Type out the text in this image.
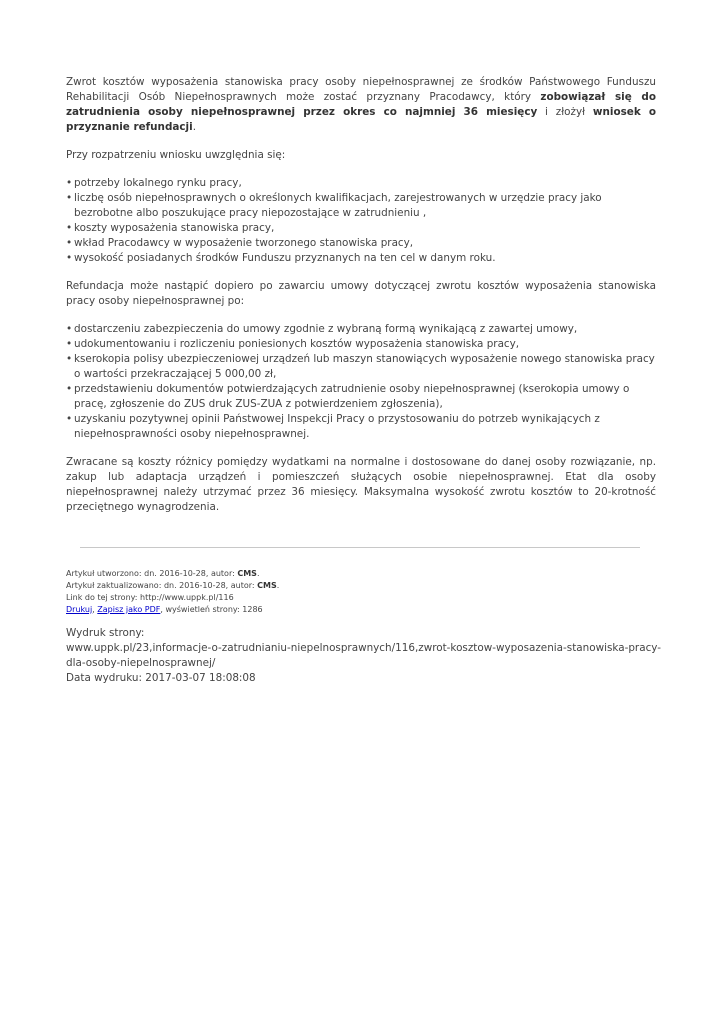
Zwrot kosztów wyposażenia stanowiska pracy osoby niepełnosprawnej ze środków Państwowego Funduszu Rehabilitacji Osób Niepełnosprawnych może zostać przyznany Pracodawcy, który zobowiązał się do zatrudnienia osoby niepełnosprawnej przez okres co najmniej 36 miesięcy i złożył wniosek o przyznanie refundacji.

Przy rozpatrzeniu wniosku uwzględnia się:

• potrzeby lokalnego rynku pracy,
• liczbę osób niepełnosprawnych o określonych kwalifikacjach, zarejestrowanych w urzędzie pracy jako bezrobotne albo poszukujące pracy niepozostające w zatrudnieniu ,
• koszty wyposażenia stanowiska pracy,
• wkład Pracodawcy w wyposażenie tworzonego stanowiska pracy,
• wysokość posiadanych środków Funduszu przyznanych na ten cel w danym roku.

Refundacja może nastąpić dopiero po zawarciu umowy dotyczącej zwrotu kosztów wyposażenia stanowiska pracy osoby niepełnosprawnej po:

• dostarczeniu zabezpieczenia do umowy zgodnie z wybraną formą wynikającą z zawartej umowy,
• udokumentowaniu i rozliczeniu poniesionych kosztów wyposażenia stanowiska pracy,
• kserokopia polisy ubezpieczeniowej urządzeń lub maszyn stanowiących wyposażenie nowego stanowiska pracy o wartości przekraczającej 5 000,00 zł,
• przedstawieniu dokumentów potwierdzających zatrudnienie osoby niepełnosprawnej (kserokopia umowy o pracę, zgłoszenie do ZUS druk ZUS-ZUA z potwierdzeniem zgłoszenia),
• uzyskaniu pozytywnej opinii Państwowej Inspekcji Pracy o przystosowaniu do potrzeb wynikających z niepełnosprawności osoby niepełnosprawnej.

Zwracane są koszty różnicy pomiędzy wydatkami na normalne i dostosowane do danej osoby rozwiązanie, np. zakup lub adaptacja urządzeń i pomieszczeń służących osobie niepełnosprawnej. Etat dla osoby niepełnosprawnej należy utrzymać przez 36 miesięcy. Maksymalna wysokość zwrotu kosztów to 20-krotność przeciętnego wynagrodzenia.

Artykuł utworzono: dn. 2016-10-28, autor: CMS.
Artykuł zaktualizowano: dn. 2016-10-28, autor: CMS.
Link do tej strony: http://www.uppk.pl/116
Drukuj, Zapisz jako PDF, wyświetleń strony: 1286
Wydruk strony:
www.uppk.pl/23,informacje-o-zatrudnianiu-niepelnosprawnych/116,zwrot-kosztow-wyposazenia-stanowiska-pracy-dla-osoby-niepelnosprawnej/
Data wydruku: 2017-03-07 18:08:08
